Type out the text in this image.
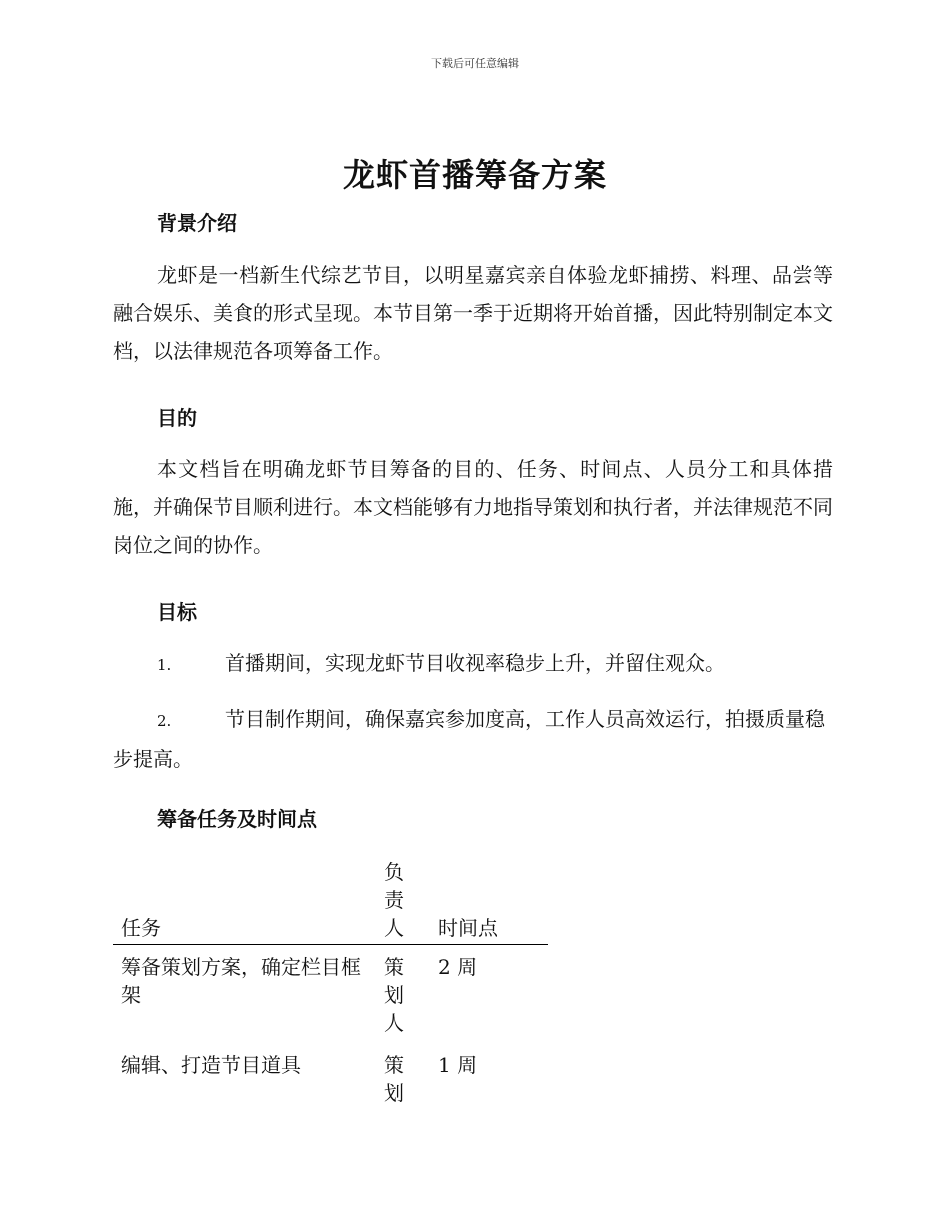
下载后可任意编辑
龙虾首播筹备方案
背景介绍

龙虾是一档新生代综艺节目，以明星嘉宾亲自体验龙虾捕捞、料理、品尝等融合娱乐、美食的形式呈现。本节目第一季于近期将开始首播，因此特别制定本文档，以法律规范各项筹备工作。

目的

本文档旨在明确龙虾节目筹备的目的、任务、时间点、人员分工和具体措施，并确保节目顺利进行。本文档能够有力地指导策划和执行者，并法律规范不同岗位之间的协作。

目标

1.	首播期间，实现龙虾节目收视率稳步上升，并留住观众。

2.	节目制作期间，确保嘉宾参加度高，工作人员高效运行，拍摄质量稳步提高。

筹备任务及时间点
任务	负责人	时间点
筹备策划方案，确定栏目框架	策划人	2 周
编辑、打造节目道具	策划	1 周
